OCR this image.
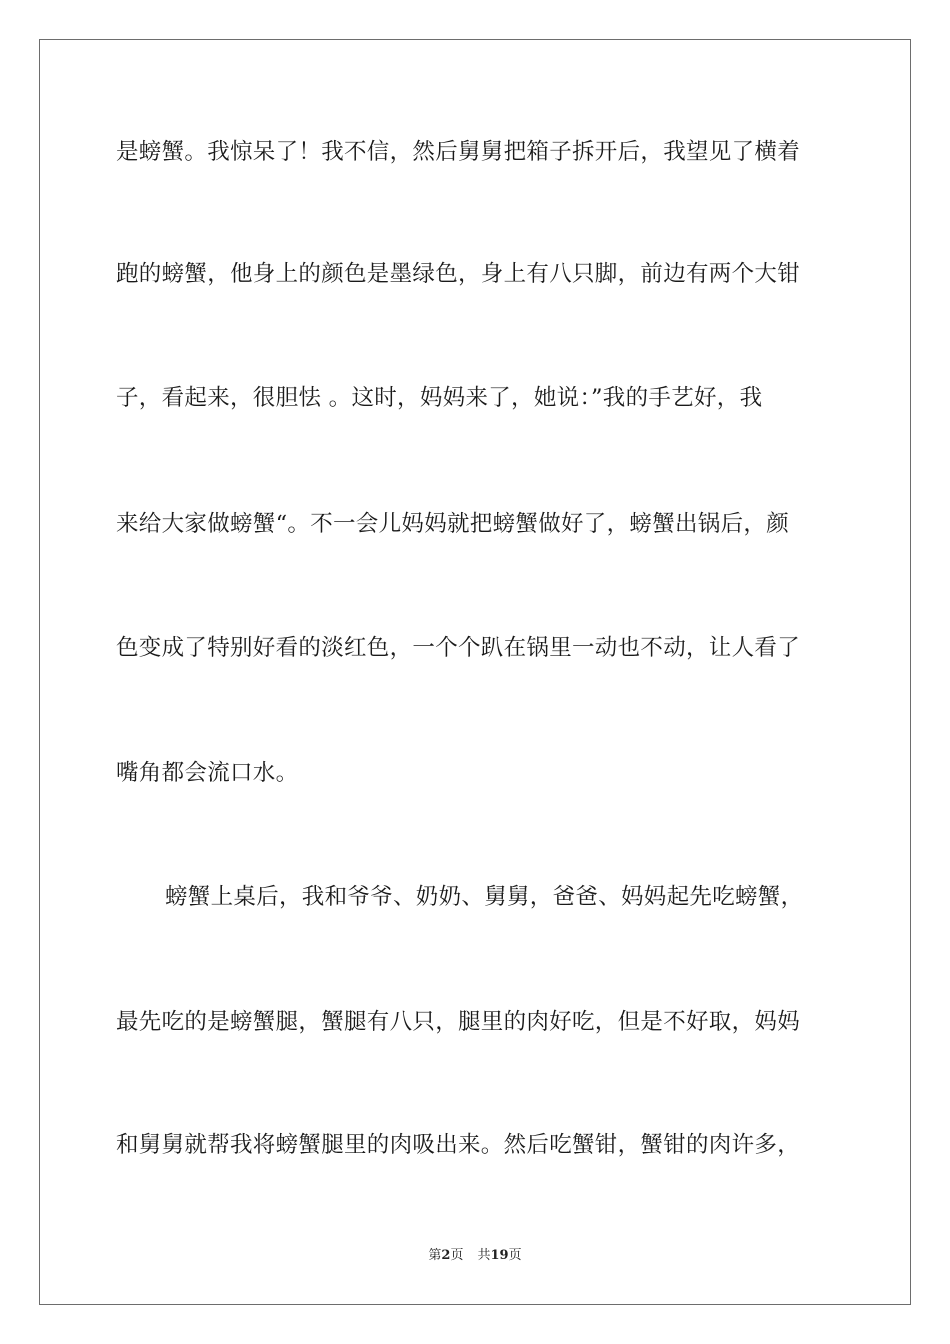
是螃蟹。我惊呆了！我不信，然后舅舅把箱子拆开后，我望见了横着
跑的螃蟹，他身上的颜色是墨绿色，身上有八只脚，前边有两个大钳
子，看起来，很胆怯 。这时，妈妈来了，她说：”我的手艺好，我
来给大家做螃蟹“。不一会儿妈妈就把螃蟹做好了，螃蟹出锅后，颜
色变成了特别好看的淡红色，一个个趴在锅里一动也不动，让人看了
嘴角都会流口水。
螃蟹上桌后，我和爷爷、奶奶、舅舅，爸爸、妈妈起先吃螃蟹，
最先吃的是螃蟹腿，蟹腿有八只，腿里的肉好吃，但是不好取，妈妈
和舅舅就帮我将螃蟹腿里的肉吸出来。然后吃蟹钳，蟹钳的肉许多，
第2页 共19页
